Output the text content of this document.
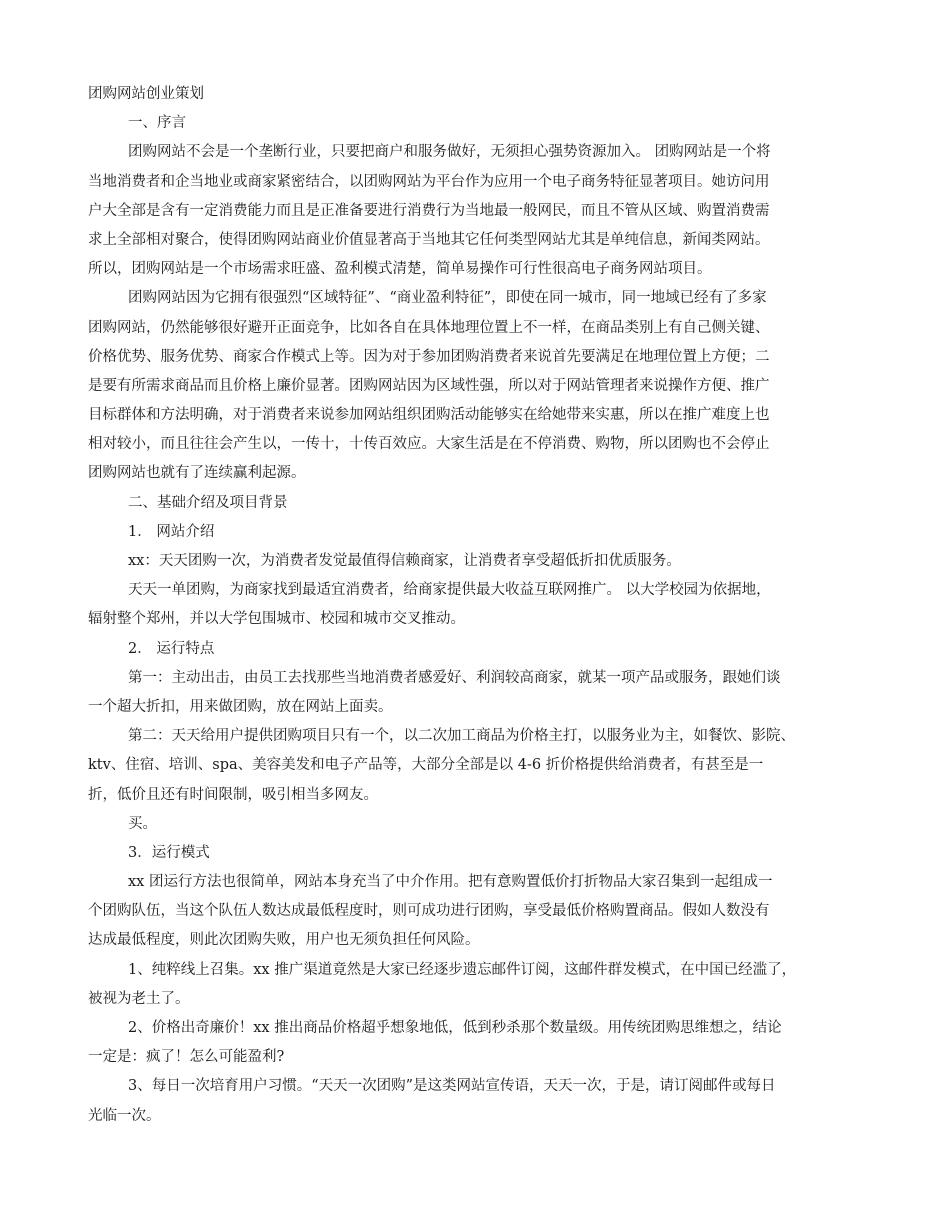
团购网站创业策划
一、序言
团购网站不会是一个垄断行业，只要把商户和服务做好，无须担心强势资源加入。 团购网站是一个将
当地消费者和企当地业或商家紧密结合，以团购网站为平台作为应用一个电子商务特征显著项目。她访问用
户大全部是含有一定消费能力而且是正准备要进行消费行为当地最一般网民，而且不管从区域、购置消费需
求上全部相对聚合，使得团购网站商业价值显著高于当地其它任何类型网站尤其是单纯信息，新闻类网站。
所以，团购网站是一个市场需求旺盛、盈利模式清楚，简单易操作可行性很高电子商务网站项目。
团购网站因为它拥有很强烈“区域特征”、“商业盈利特征”，即使在同一城市，同一地域已经有了多家
团购网站，仍然能够很好避开正面竞争，比如各自在具体地理位置上不一样，在商品类别上有自己侧关键、
价格优势、服务优势、商家合作模式上等。因为对于参加团购消费者来说首先要满足在地理位置上方便；二
是要有所需求商品而且价格上廉价显著。团购网站因为区域性强，所以对于网站管理者来说操作方便、推广
目标群体和方法明确，对于消费者来说参加网站组织团购活动能够实在给她带来实惠，所以在推广难度上也
相对较小，而且往往会产生以，一传十，十传百效应。大家生活是在不停消费、购物，所以团购也不会停止
团购网站也就有了连续赢利起源。
二、基础介绍及项目背景
1． 网站介绍
xx：天天团购一次，为消费者发觉最值得信赖商家，让消费者享受超低折扣优质服务。
天天一单团购，为商家找到最适宜消费者，给商家提供最大收益互联网推广。 以大学校园为依据地，
辐射整个郑州，并以大学包围城市、校园和城市交叉推动。
2． 运行特点
第一：主动出击，由员工去找那些当地消费者感爱好、利润较高商家，就某一项产品或服务，跟她们谈
一个超大折扣，用来做团购，放在网站上面卖。
第二：天天给用户提供团购项目只有一个，以二次加工商品为价格主打，以服务业为主，如餐饮、影院、
ktv、住宿、培训、spa、美容美发和电子产品等，大部分全部是以 4-6 折价格提供给消费者，有甚至是一
折，低价且还有时间限制，吸引相当多网友。
买。
3．运行模式
xx 团运行方法也很简单，网站本身充当了中介作用。把有意购置低价打折物品大家召集到一起组成一
个团购队伍，当这个队伍人数达成最低程度时，则可成功进行团购，享受最低价格购置商品。假如人数没有
达成最低程度，则此次团购失败，用户也无须负担任何风险。
1、纯粹线上召集。xx 推广渠道竟然是大家已经逐步遗忘邮件订阅，这邮件群发模式，在中国已经滥了，
被视为老土了。
2、价格出奇廉价！xx 推出商品价格超乎想象地低，低到秒杀那个数量级。用传统团购思维想之，结论
一定是：疯了！怎么可能盈利?
3、每日一次培育用户习惯。“天天一次团购”是这类网站宣传语，天天一次，于是，请订阅邮件或每日
光临一次。
